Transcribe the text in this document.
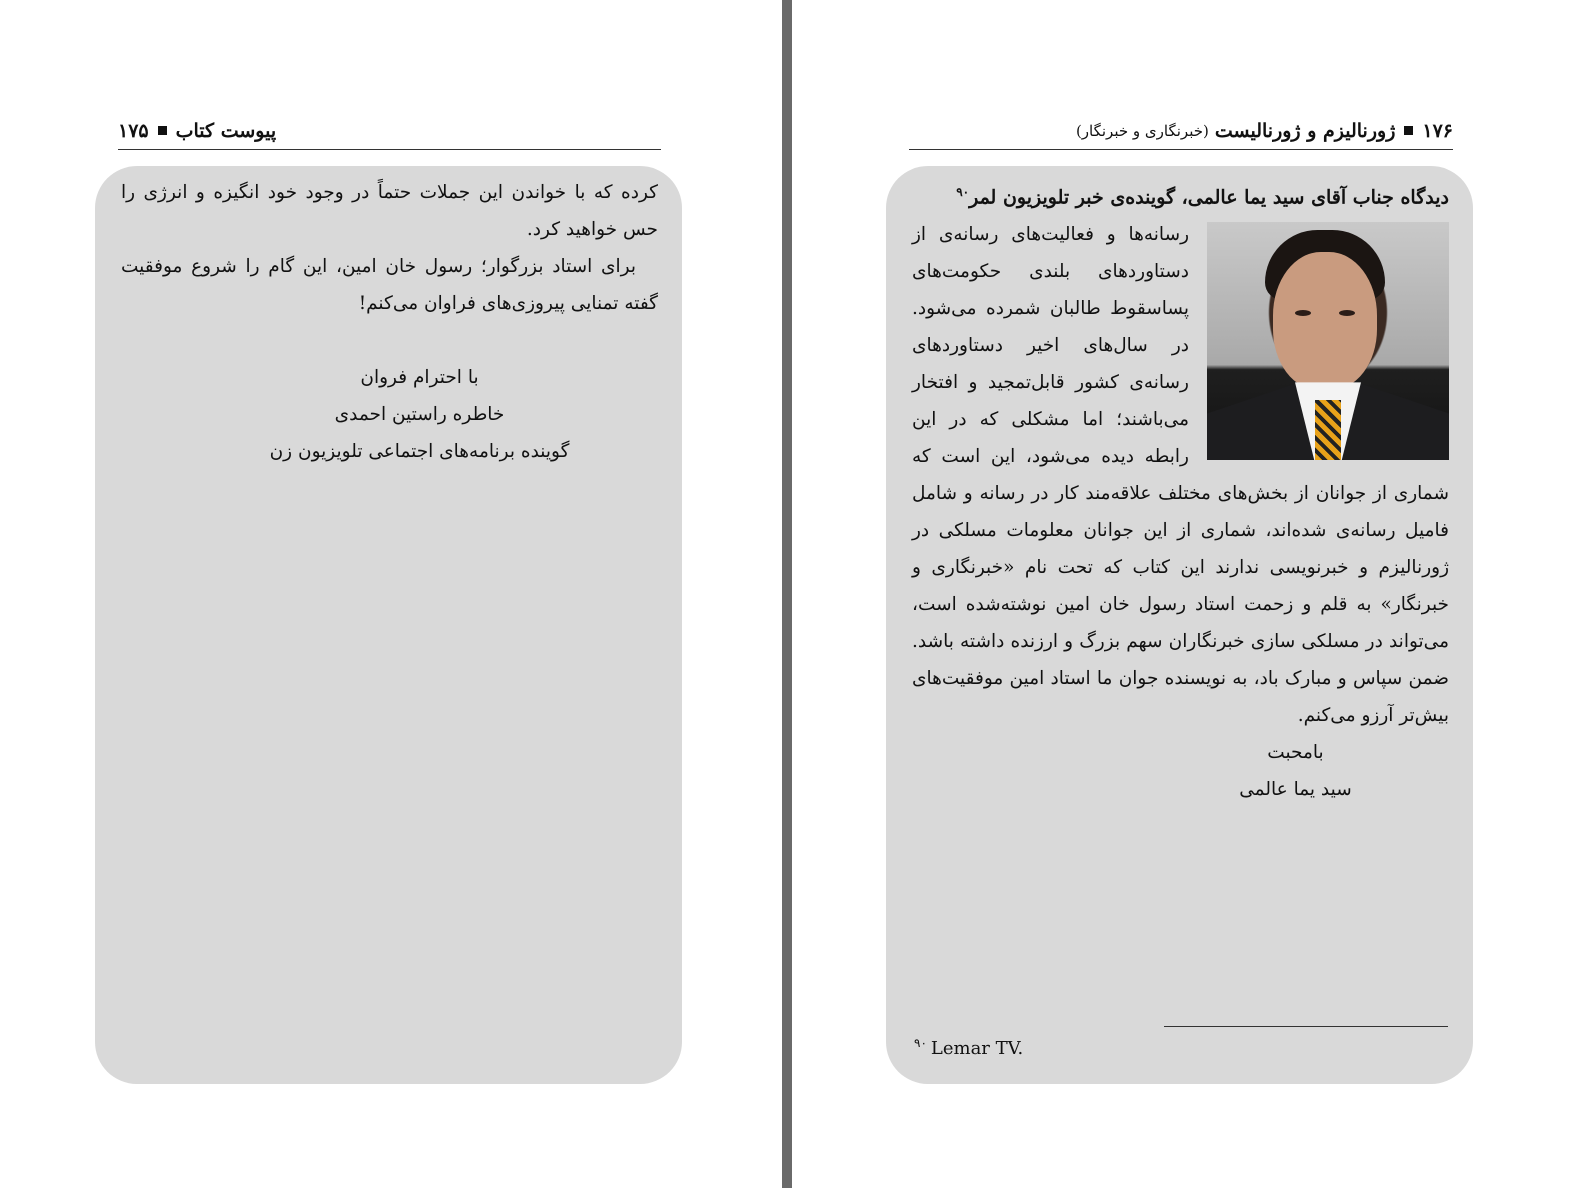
پیوست کتاب
۱۷۵

کرده که با خواندن این جملات حتماً در وجود خود انگیزه و انرژی را حس خواهید کرد.

برای استاد بزرگوار؛ رسول خان امین، این گام را شروع موفقیت گفته تمنایی پیروزی‌های فراوان می‌کنم!

با احترام فروان
خاطره راستین احمدی
گوینده برنامه‌های اجتماعی تلویزیون زن
۱۷۶
ژورنالیزم و ژورنالیست
(خبرنگاری و خبرنگار)

دیدگاه جناب آقای سید یما عالمی، گوینده‌ی خبر تلویزیون لمر$^{۹۰}$

رسانه‌ها و فعالیت‌های رسانه‌ی از دستاوردهای بلندی حکومت‌های پساسقوط طالبان شمرده می‌شود. در سال‌های اخیر دستاوردهای رسانه‌ی کشور قابل‌تمجید و افتخار می‌باشند؛ اما مشکلی که در این رابطه دیده می‌شود، این است که شماری از جوانان از بخش‌های مختلف علاقه‌مند کار در رسانه و شامل فامیل رسانه‌ی شده‌اند، شماری از این جوانان معلومات مسلکی در ژورنالیزم و خبرنویسی ندارند این کتاب که تحت نام «خبرنگاری و خبرنگار» به قلم و زحمت استاد رسول خان امین نوشته‌شده است، می‌تواند در مسلکی سازی خبرنگاران سهم بزرگ و ارزنده داشته باشد. ضمن سپاس و مبارک باد، به نویسنده جوان ما استاد امین موفقیت‌های بیش‌تر آرزو می‌کنم.

بامحبت
سید یما عالمی
$^{۹۰}$ Lemar TV.
